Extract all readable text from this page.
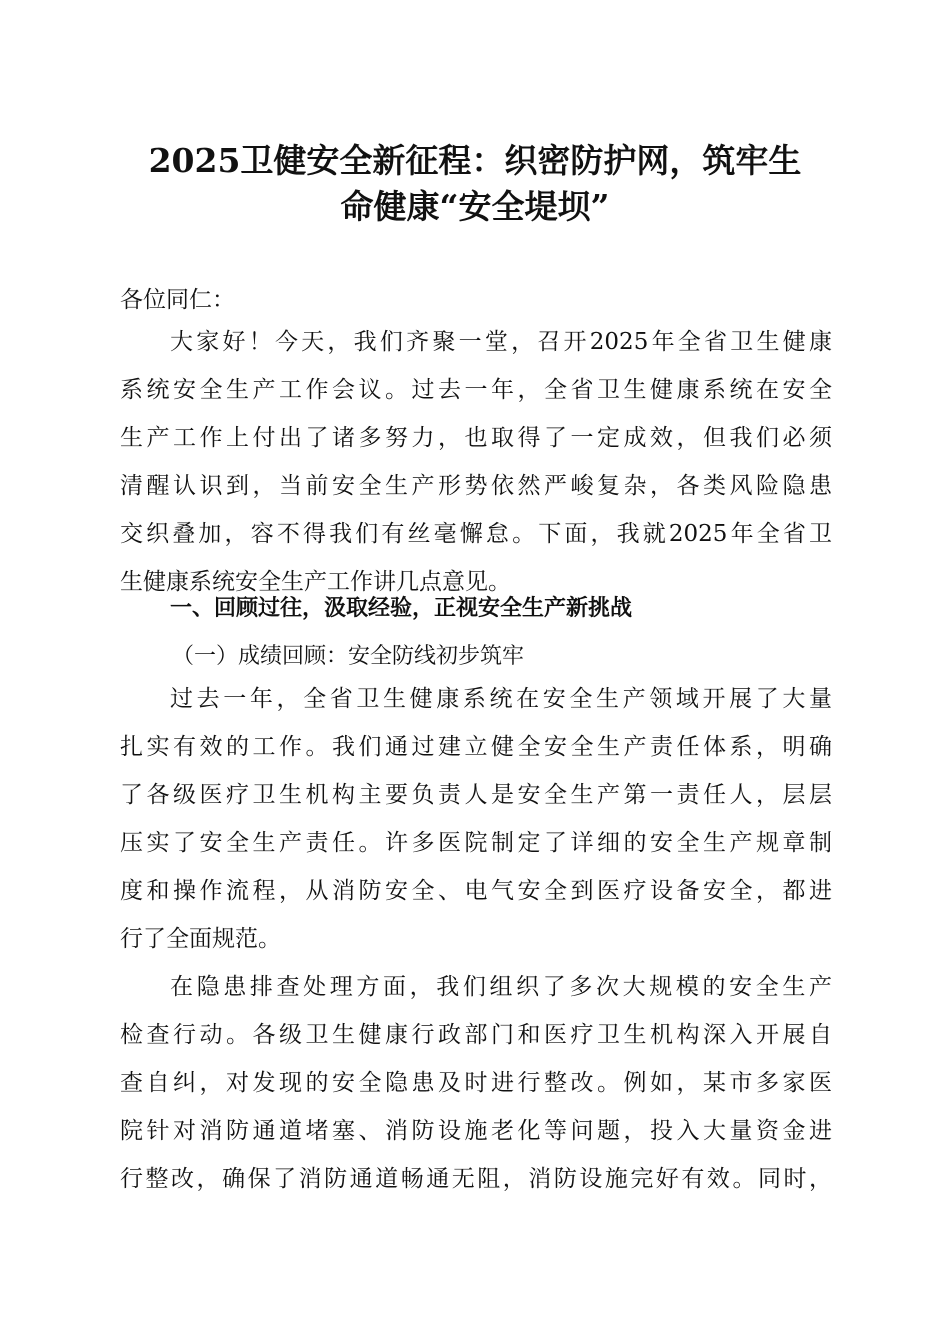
2025卫健安全新征程：织密防护网，筑牢生
命健康“安全堤坝”
各位同仁：
大家好！今天，我们齐聚一堂，召开2025年全省卫生健康
系统安全生产工作会议。过去一年，全省卫生健康系统在安全
生产工作上付出了诸多努力，也取得了一定成效，但我们必须
清醒认识到，当前安全生产形势依然严峻复杂，各类风险隐患
交织叠加，容不得我们有丝毫懈怠。下面，我就2025年全省卫
生健康系统安全生产工作讲几点意见。
一、回顾过往，汲取经验，正视安全生产新挑战
（一）成绩回顾：安全防线初步筑牢
过去一年，全省卫生健康系统在安全生产领域开展了大量
扎实有效的工作。我们通过建立健全安全生产责任体系，明确
了各级医疗卫生机构主要负责人是安全生产第一责任人，层层
压实了安全生产责任。许多医院制定了详细的安全生产规章制
度和操作流程，从消防安全、电气安全到医疗设备安全，都进
行了全面规范。
在隐患排查处理方面，我们组织了多次大规模的安全生产
检查行动。各级卫生健康行政部门和医疗卫生机构深入开展自
查自纠，对发现的安全隐患及时进行整改。例如，某市多家医
院针对消防通道堵塞、消防设施老化等问题，投入大量资金进
行整改，确保了消防通道畅通无阻，消防设施完好有效。同时，
